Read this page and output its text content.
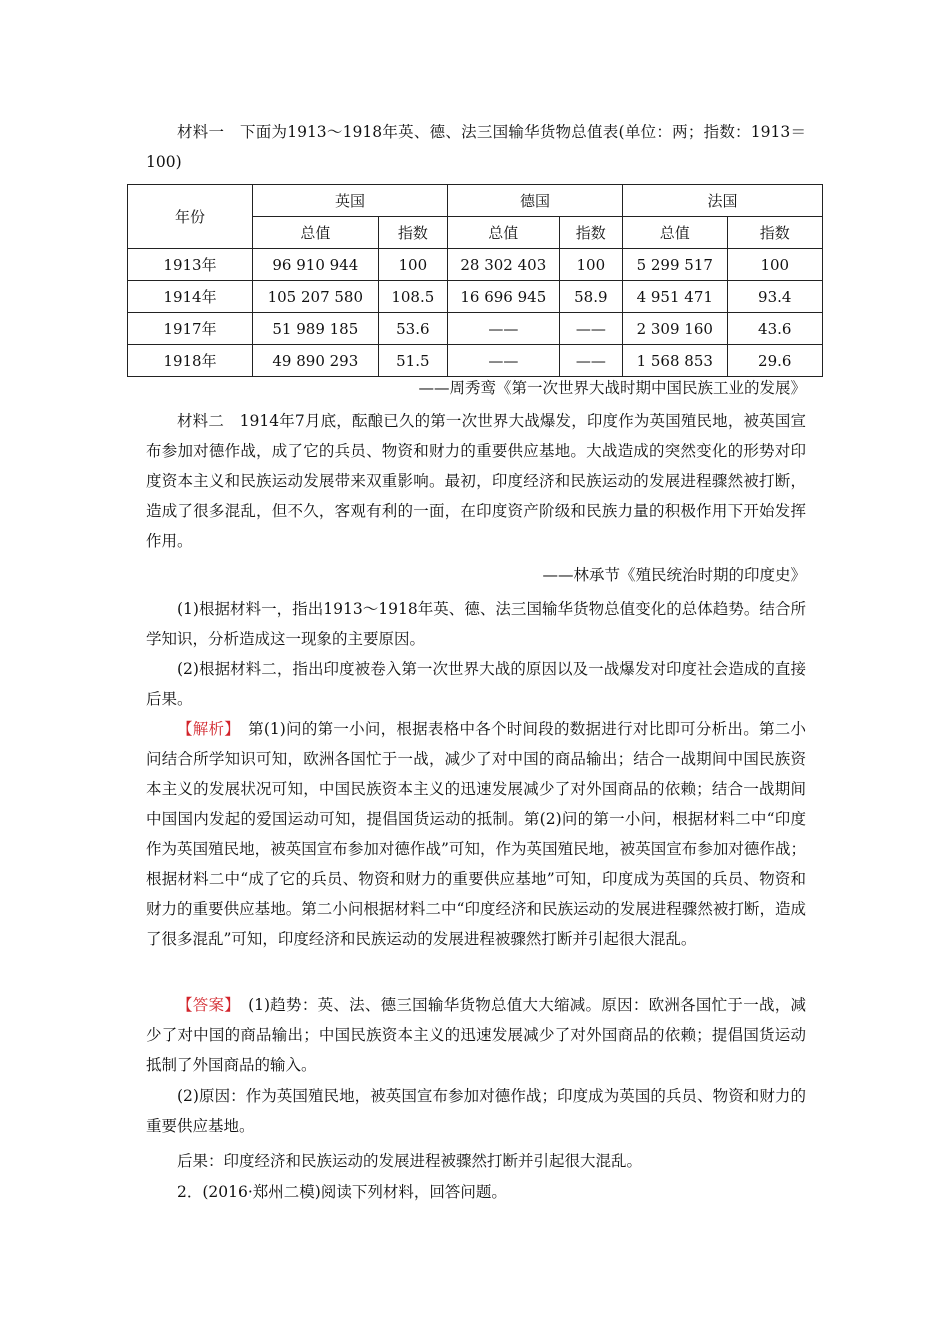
材料一　下面为1913～1918年英、德、法三国输华货物总值表(单位：两；指数：1913＝100)

年份	英国		德国		法国	
	总值	指数	总值	指数	总值	指数
1913年	96 910 944	100	28 302 403	100	5 299 517	100
1914年	105 207 580	108.5	16 696 945	58.9	4 951 471	93.4
1917年	51 989 185	53.6	——	——	2 309 160	43.6
1918年	49 890 293	51.5	——	——	1 568 853	29.6

——周秀鸾《第一次世界大战时期中国民族工业的发展》

材料二　1914年7月底，酝酿已久的第一次世界大战爆发，印度作为英国殖民地，被英国宣布参加对德作战，成了它的兵员、物资和财力的重要供应基地。大战造成的突然变化的形势对印度资本主义和民族运动发展带来双重影响。最初，印度经济和民族运动的发展进程骤然被打断，造成了很多混乱，但不久，客观有利的一面，在印度资产阶级和民族力量的积极作用下开始发挥作用。

——林承节《殖民统治时期的印度史》

(1)根据材料一，指出1913～1918年英、德、法三国输华货物总值变化的总体趋势。结合所学知识，分析造成这一现象的主要原因。

(2)根据材料二，指出印度被卷入第一次世界大战的原因以及一战爆发对印度社会造成的直接后果。

【解析】　第(1)问的第一小问，根据表格中各个时间段的数据进行对比即可分析出。第二小问结合所学知识可知，欧洲各国忙于一战，减少了对中国的商品输出；结合一战期间中国民族资本主义的发展状况可知，中国民族资本主义的迅速发展减少了对外国商品的依赖；结合一战期间中国国内发起的爱国运动可知，提倡国货运动的抵制。第(2)问的第一小问，根据材料二中“印度作为英国殖民地，被英国宣布参加对德作战”可知，作为英国殖民地，被英国宣布参加对德作战；根据材料二中“成了它的兵员、物资和财力的重要供应基地”可知，印度成为英国的兵员、物资和财力的重要供应基地。第二小问根据材料二中“印度经济和民族运动的发展进程骤然被打断，造成了很多混乱”可知，印度经济和民族运动的发展进程被骤然打断并引起很大混乱。

【答案】　(1)趋势：英、法、德三国输华货物总值大大缩减。原因：欧洲各国忙于一战，减少了对中国的商品输出；中国民族资本主义的迅速发展减少了对外国商品的依赖；提倡国货运动抵制了外国商品的输入。

(2)原因：作为英国殖民地，被英国宣布参加对德作战；印度成为英国的兵员、物资和财力的重要供应基地。

后果：印度经济和民族运动的发展进程被骤然打断并引起很大混乱。

2．(2016·郑州二模)阅读下列材料，回答问题。
